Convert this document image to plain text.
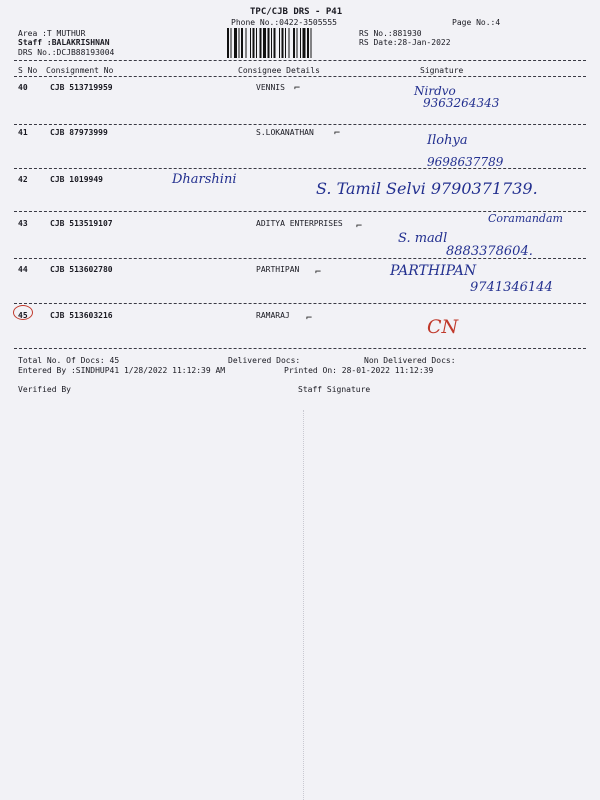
TPC/CJB DRS - P41
Phone No.:0422-3505555	Page No.:4
Area :T MUTHUR
Staff :BALAKRISHNAN
DRS No.:DCJB88193004
RS No.:881930
RS Date:28-Jan-2022
S No Consignment No	Consignee Details	Signature
40	CJB 513719959	VENNIS ⌐	Nirdvo
9363264343
41	CJB 87973999	S.LOKANATHAN ⌐	Ilohya
9698637789
42	CJB 1019949	Dharshini	S. Tamil Selvi 9790371739.
43	CJB 513519107	ADITYA ENTERPRISES ⌐
Coramandam
S. madl
8883378604.
44	CJB 513602780	PARTHIPAN ⌐	PARTHIPAN
9741346144
45	CJB 513603216	RAMARAJ ⌐	CN
Total No. Of Docs: 45	Delivered Docs:	Non Delivered Docs:
Entered By :SINDHUP41 1/28/2022 11:12:39 AM	Printed On: 28-01-2022 11:12:39
Verified By	Staff Signature
